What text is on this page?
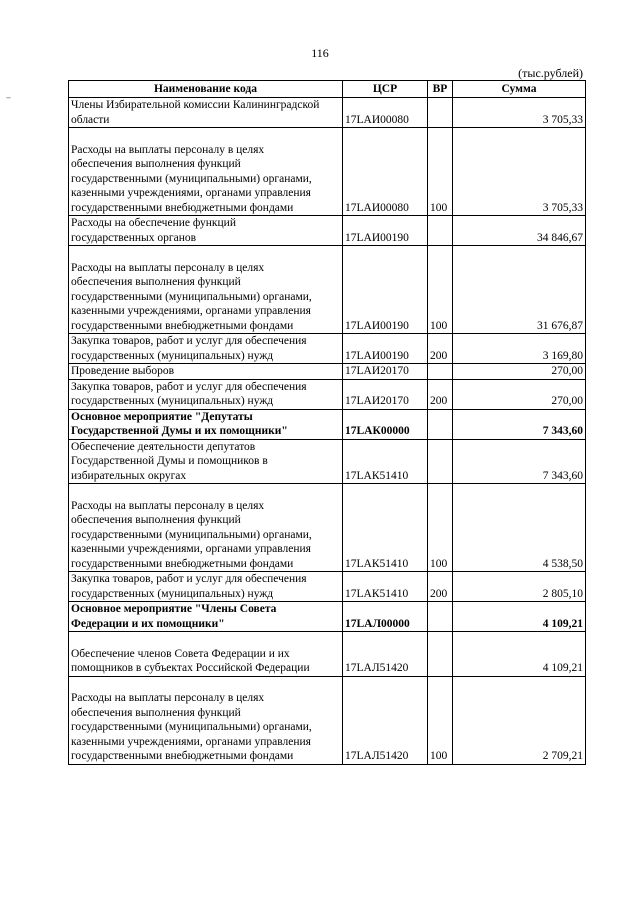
116
--
(тыс.рублей)
Наименование кода	ЦСР	ВР	Сумма

Члены Избирательной комиссии Калининградской
области	17LАИ00080		3 705,33

Расходы на выплаты персоналу в целях
обеспечения выполнения функций
государственными (муниципальными) органами,
казенными учреждениями, органами управления
государственными внебюджетными фондами	17LАИ00080	100	3 705,33

Расходы на обеспечение функций
государственных органов	17LАИ00190		34 846,67

Расходы на выплаты персоналу в целях
обеспечения выполнения функций
государственными (муниципальными) органами,
казенными учреждениями, органами управления
государственными внебюджетными фондами	17LАИ00190	100	31 676,87

Закупка товаров, работ и услуг для обеспечения
государственных (муниципальных) нужд	17LАИ00190	200	3 169,80

Проведение выборов	17LАИ20170		270,00

Закупка товаров, работ и услуг для обеспечения
государственных (муниципальных) нужд	17LАИ20170	200	270,00

Основное мероприятие "Депутаты
Государственной Думы и их помощники"	17LАК00000		7 343,60

Обеспечение деятельности депутатов
Государственной Думы и помощников в
избирательных округах	17LАК51410		7 343,60

Расходы на выплаты персоналу в целях
обеспечения выполнения функций
государственными (муниципальными) органами,
казенными учреждениями, органами управления
государственными внебюджетными фондами	17LАК51410	100	4 538,50

Закупка товаров, работ и услуг для обеспечения
государственных (муниципальных) нужд	17LАК51410	200	2 805,10

Основное мероприятие "Члены Совета
Федерации и их помощники"	17LАЛ00000		4 109,21

Обеспечение членов Совета Федерации и их
помощников в субъектах Российской Федерации	17LАЛ51420		4 109,21

Расходы на выплаты персоналу в целях
обеспечения выполнения функций
государственными (муниципальными) органами,
казенными учреждениями, органами управления
государственными внебюджетными фондами	17LАЛ51420	100	2 709,21
